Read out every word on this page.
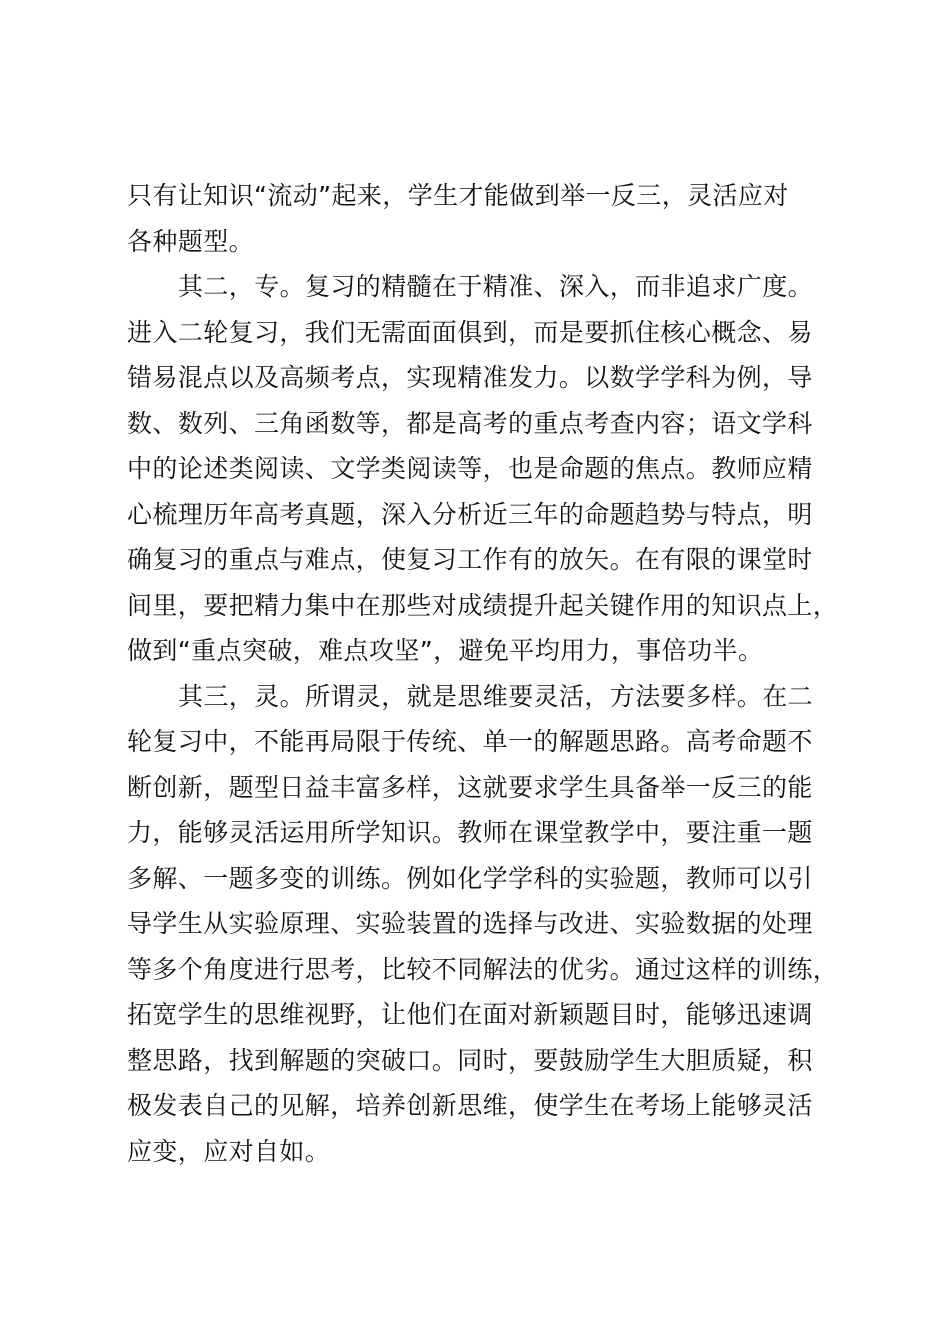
只有让知识“流动”起来，学生才能做到举一反三，灵活应对
各种题型。
其二，专。复习的精髓在于精准、深入，而非追求广度。
进入二轮复习，我们无需面面俱到，而是要抓住核心概念、易
错易混点以及高频考点，实现精准发力。以数学学科为例，导
数、数列、三角函数等，都是高考的重点考查内容；语文学科
中的论述类阅读、文学类阅读等，也是命题的焦点。教师应精
心梳理历年高考真题，深入分析近三年的命题趋势与特点，明
确复习的重点与难点，使复习工作有的放矢。在有限的课堂时
间里，要把精力集中在那些对成绩提升起关键作用的知识点上，
做到“重点突破，难点攻坚”，避免平均用力，事倍功半。
其三，灵。所谓灵，就是思维要灵活，方法要多样。在二
轮复习中，不能再局限于传统、单一的解题思路。高考命题不
断创新，题型日益丰富多样，这就要求学生具备举一反三的能
力，能够灵活运用所学知识。教师在课堂教学中，要注重一题
多解、一题多变的训练。例如化学学科的实验题，教师可以引
导学生从实验原理、实验装置的选择与改进、实验数据的处理
等多个角度进行思考，比较不同解法的优劣。通过这样的训练，
拓宽学生的思维视野，让他们在面对新颖题目时，能够迅速调
整思路，找到解题的突破口。同时，要鼓励学生大胆质疑，积
极发表自己的见解，培养创新思维，使学生在考场上能够灵活
应变，应对自如。
